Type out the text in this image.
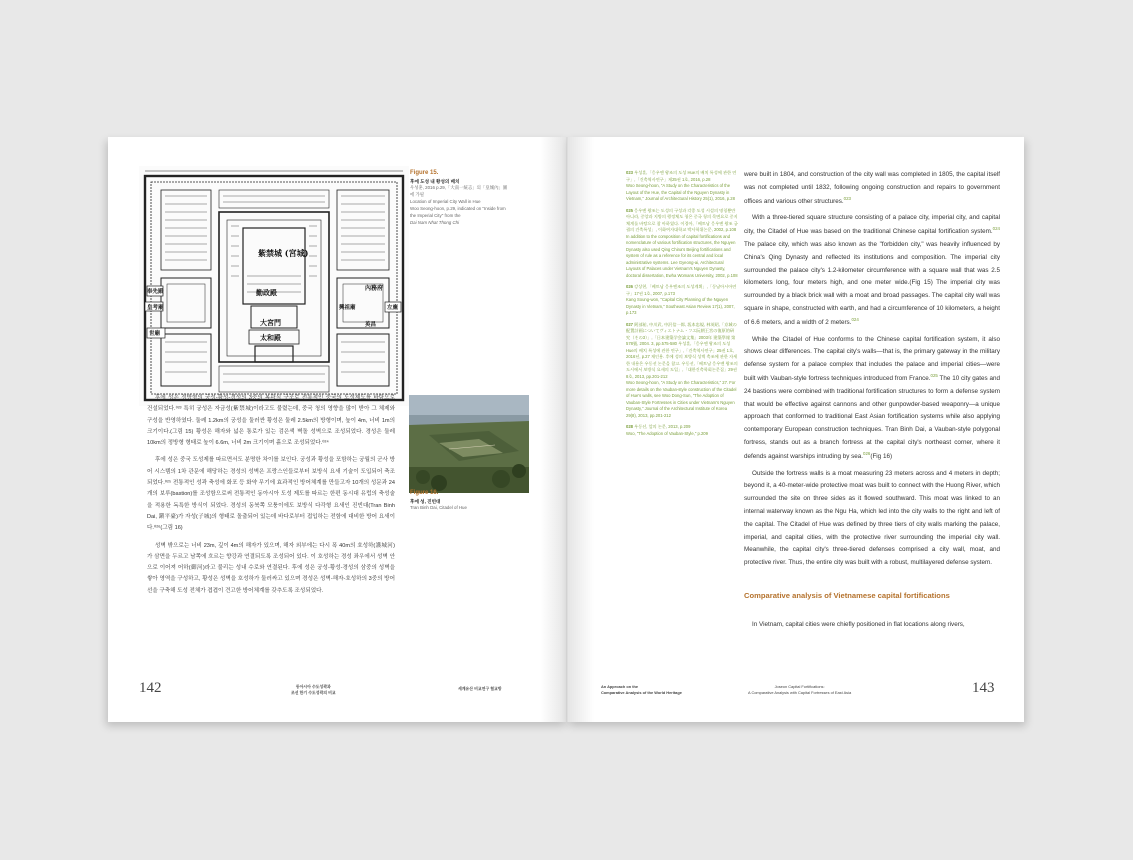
紫禁城 (宮城)
勤政殿
大宮門
太和殿
奉先殿
皇考廟
世廟
興祖廟
內務府
英昌
左廡
Figure 15.
후에 도성 내 황성의 배치
우성훈, 2016 p.29,「大南一統志」의「皇城內」圖에 가필
Location of Imperial City Wall in Hue
Woo Seong-hoon, p.29, indicated on "Inside from the Imperial City" from the
Dai Nam Nhat Thong Chi
Figure 16.
후에 성, 진빈대
Tran Binh Dai, Citadel of Hue

후에 성은 정방형의 궁성-황성-경성의 3중의 복곽식 구조로 전통적인 중국의 도성제도를 바탕으로 건설되었다.⁰²³ 특히 궁성은 자금성(紫禁城)이라고도 불렸는데, 중국 청의 영향을 많이 받아 그 체제와 구성을 반영하였다. 둘레 1.2km의 궁성을 둘러싼 황성은 둘레 2.5km의 방형이며, 높이 4m, 너비 1m의 크기이다.(그림 15) 황성은 해자와 넓은 통로가 있는 검은색 벽돌 성벽으로 조성되었다. 경성은 둘레 10km의 정방형 형태로 높이 6.6m, 너비 2m 크기이며 흙으로 조성되었다.⁰²⁴

후에 성은 중국 도성제를 따르면서도 분명한 차이를 보인다. 궁성과 황성을 포함하는 궁월의 군사 방어 시스템의 1차 관문에 해당하는 경성의 성벽은 프랑스인들로부터 보방식 요새 기술이 도입되어 축조되었다.⁰²⁵ 전통적인 성곽 축성에 화포 등 화약 무기에 효과적인 방어체계를 만들고자 10개의 성문과 24개의 보루(bastion)를 조성함으로써 전통적인 동아시아 도성 제도를 따르는 한편 동시대 유럽의 축성술을 적용한 독특한 방식이 되었다. 경성의 동북쪽 모퉁이에도 보방식 다각형 요새인 진빈대(Tran Binh Dai, 鎭平臺)가 자성(子城)의 형태로 돌출되어 있는데 바다로부터 접입하는 전함에 대비한 방어 요새이다.⁰²⁶(그림 16)

성벽 밖으로는 너비 23m, 깊이 4m의 해자가 있으며, 해자 외부에는 다시 폭 40m의 호성하(護城河)가 삼면을 두르고 남쪽에 흐르는 향강과 연결되도록 조성되어 있다. 이 호성하는 경성 좌우에서 성벽 안으로 이어져 어하(御河)라고 불리는 성내 수로와 연결된다. 후에 성은 궁성-황성-경성의 삼중의 성벽을 쌓아 영역을 구성하고, 황성은 성벽을 호성하가 둘러싸고 있으며 경성은 성벽-해자-호성하의 3중의 방어선을 구축해 도성 전체가 겹겹이 견고한 방어체계를 갖추도록 조성되었다.

142	동아시아 수도성곽과
조선 한기 수도성곽의 비교
세계유산 비교연구 협교방

023 우성훈,「응우옌 왕조의 도성 Hue의 배치 특성에 관한 연구」,「건축역사연구」제25권 1호, 2016, p.28
Woo Seong-hoon, "A Study on the Characteristics of the Layout of the Hue, the Capital of the Nguyen Dynasty in Vietnam," Journal of Architectural History 25(1), 2016, p.28

025 응우옌 왕조는 도성의 구성과 각종 도성 시설의 명칭뿐만 아니라, 중앙과 지방의 행정체도 청은 중국 청의 목면요로 중지 체계를 바탕으로 참 아하였다. 이경아,「베트남 응우옌 왕조 궁궐의 건축특성」, 이화여자대학교 박사학위논문, 2002, p.108
In addition to the composition of capital fortifications and nomenclature of various fortification structures, the Nguyen Dynasty also used Qing China's Beijing fortifications and system of rule as a reference for its central and local administrative systems. Lee Gyeong-ai, Architectural Layouts of Palaces under Vietnam's Nguyen Dynasty, doctoral dissertation, Ewha Womans University, 2002, p.108

026 강상현,「베트남 응우옌조의 도성계획」,「동남아시아연구」17권 1호, 2007, p.173
Kang Soung-won, "Capital City Planning of the Nguyen Dynasty in Vietnam," Southeast Asian Review 17(1), 2007, p.173

027 阿部祐, 中川武, 中沢信一郎, 坂本忠規, 林英昭,「京城の配置計画についてヴィエトナム・フエ阮朝王宮の復原的研究（その3）」,「日本建築学会論文集」2003年 建築學報 第578號, 2004. 3, pp.575-580 우성훈,「응우옌 왕조의 도성 Hue의 배치 특성에 관한 연구」,「건축역사연구」25권 1호, 2016년, p.27 재인용. 후에 성의 보방식 성벽 축조에 관한 자세한 내용은 우동선 논문을 참고. 우동선,「베트남 응우옌 왕조의 도시에서 보방식 요새의 도입」,「대한건축학회논문집」29권 8호, 2013, pp.201-212
Woo Seong-hoon, "A Study on the Characteristics," 27. For more details on the Vauban-style construction of the Citadel of Hue's walls, see Woo Dong-Sun, "The Adoption of Vauban-Style Fortresses in Cities under Vietnam's Nguyen Dynasty," Journal of the Architectural Institute of Korea 29(8), 2013, pp.201-212

028 우동선, 앞의 논문, 2013, p.209
Woo, "The Adoption of Vauban-Style," p.209

were built in 1804, and construction of the city wall was completed in 1805, the capital itself was not completed until 1832, following ongoing construction and repairs to government offices and various other structures.$^{023}$

With a three-tiered square structure consisting of a palace city, imperial city, and capital city, the Citadel of Hue was based on the traditional Chinese capital fortification system.$^{024}$ The palace city, which was also known as the "forbidden city," was heavily influenced by China's Qing Dynasty and reflected its institutions and composition. The imperial city surrounded the palace city's 1.2-kilometer circumference with a square wall that was 2.5 kilometers long, four meters high, and one meter wide.(Fig 15) The imperial city was surrounded by a black brick wall with a moat and broad passages. The capital city wall was square in shape, constructed with earth, and had a circumference of 10 kilometers, a height of 6.6 meters, and a width of 2 meters.$^{024}$

While the Citadel of Hue conforms to the Chinese capital fortification system, it also shows clear differences. The capital city's walls—that is, the primary gateway in the military defense system for a palace complex that includes the palace and imperial cities—were built with Vauban-style fortress techniques introduced from France.$^{025}$ The 10 city gates and 24 bastions were combined with traditional fortification structures to form a defense system that would be effective against cannons and other gunpowder-based weaponry—a unique approach that conformed to traditional East Asian fortification systems while also applying contemporary European construction techniques. Tran Binh Dai, a Vauban-style polygonal fortress, stands out as a branch fortress at the capital city's northeast corner, where it defends against warships intruding by sea.$^{026}$(Fig 16)

Outside the fortress walls is a moat measuring 23 meters across and 4 meters in depth; beyond it, a 40-meter-wide protective moat was built to connect with the Huong River, which surrounded the site on three sides as it flowed southward. This moat was linked to an internal waterway known as the Ngu Ha, which led into the city walls to the right and left of the capital. The Citadel of Hue was defined by three tiers of city walls marking the palace, imperial, and capital cities, with the protective river surrounding the imperial city wall. Meanwhile, the capital city's three-tiered defenses comprised a city wall, moat, and protective river. Thus, the entire city was built with a robust, multilayered defense system.

Comparative analysis of Vietnamese capital fortifications

In Vietnam, capital cities were chiefly positioned in flat locations along rivers,

An Approach on the
Comparative Analysis of the World Heritage
Joseon Capital Fortifications:
A Comparative Analysis with Capital Fortresses of East Asia	143
